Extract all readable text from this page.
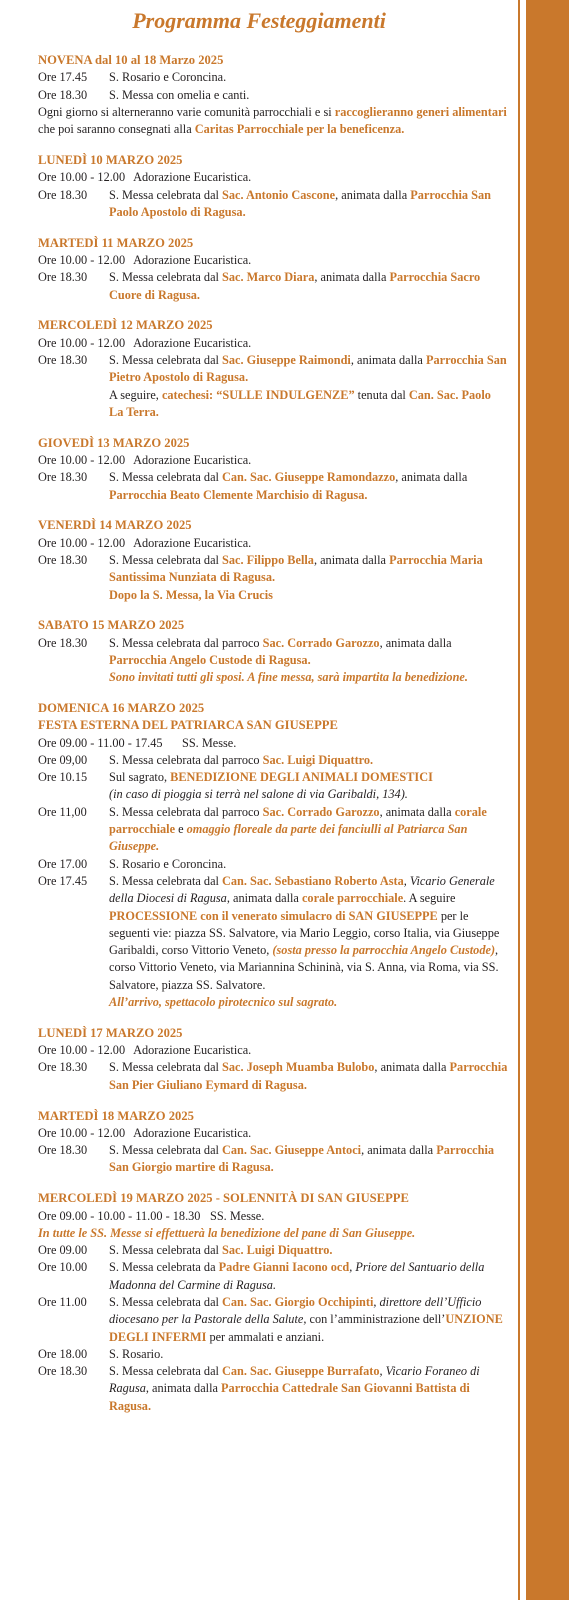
Programma Festeggiamenti
NOVENA dal 10 al 18 Marzo 2025
Ore 17.45	S. Rosario e Coroncina.
Ore 18.30	S. Messa con omelia e canti.
Ogni giorno si alterneranno varie comunità parrocchiali e si raccoglieranno generi alimentari che poi saranno consegnati alla Caritas Parrocchiale per la beneficenza.
LUNEDÌ 10 MARZO 2025
Ore 10.00 - 12.00 Adorazione Eucaristica.
Ore 18.30	S. Messa celebrata dal Sac. Antonio Cascone, animata dalla Parrocchia San Paolo Apostolo di Ragusa.
MARTEDÌ 11 MARZO 2025
Ore 10.00 - 12.00 Adorazione Eucaristica.
Ore 18.30	S. Messa celebrata dal Sac. Marco Diara, animata dalla Parrocchia Sacro Cuore di Ragusa.
MERCOLEDÌ 12 MARZO 2025
Ore 10.00 - 12.00 Adorazione Eucaristica.
Ore 18.30	S. Messa celebrata dal Sac. Giuseppe Raimondi, animata dalla Parrocchia San Pietro Apostolo di Ragusa.
A seguire, catechesi: “SULLE INDULGENZE” tenuta dal Can. Sac. Paolo La Terra.
GIOVEDÌ 13 MARZO 2025
Ore 10.00 - 12.00 Adorazione Eucaristica.
Ore 18.30	S. Messa celebrata dal Can. Sac. Giuseppe Ramondazzo, animata dalla Parrocchia Beato Clemente Marchisio di Ragusa.
VENERDÌ 14 MARZO 2025
Ore 10.00 - 12.00 Adorazione Eucaristica.
Ore 18.30	S. Messa celebrata dal Sac. Filippo Bella, animata dalla Parrocchia Maria Santissima Nunziata di Ragusa.
Dopo la S. Messa, la Via Crucis
SABATO 15 MARZO 2025
Ore 18.30	S. Messa celebrata dal parroco Sac. Corrado Garozzo, animata dalla Parrocchia Angelo Custode di Ragusa.
Sono invitati tutti gli sposi. A fine messa, sarà impartita la benedizione.
DOMENICA 16 MARZO 2025
FESTA ESTERNA DEL PATRIARCA SAN GIUSEPPE
Ore 09.00 - 11.00 - 17.45	SS. Messe.
Ore 09,00	S. Messa celebrata dal parroco Sac. Luigi Diquattro.
Ore 10.15	Sul sagrato, BENEDIZIONE DEGLI ANIMALI DOMESTICI
(in caso di pioggia si terrà nel salone di via Garibaldi, 134).
Ore 11,00	S. Messa celebrata dal parroco Sac. Corrado Garozzo, animata dalla corale parrocchiale e omaggio floreale da parte dei fanciulli al Patriarca San Giuseppe.
Ore 17.00	S. Rosario e Coroncina.
Ore 17.45	S. Messa celebrata dal Can. Sac. Sebastiano Roberto Asta, Vicario Generale della Diocesi di Ragusa, animata dalla corale parrocchiale. A seguire PROCESSIONE con il venerato simulacro di SAN GIUSEPPE per le seguenti vie: piazza SS. Salvatore, via Mario Leggio, corso Italia, via Giuseppe Garibaldi, corso Vittorio Veneto, (sosta presso la parrocchia Angelo Custode), corso Vittorio Veneto, via Mariannina Schininà, via S. Anna, via Roma, via SS. Salvatore, piazza SS. Salvatore.
All’arrivo, spettacolo pirotecnico sul sagrato.
LUNEDÌ 17 MARZO 2025
Ore 10.00 - 12.00 Adorazione Eucaristica.
Ore 18.30	S. Messa celebrata dal Sac. Joseph Muamba Bulobo, animata dalla Parrocchia San Pier Giuliano Eymard di Ragusa.
MARTEDÌ 18 MARZO 2025
Ore 10.00 - 12.00 Adorazione Eucaristica.
Ore 18.30	S. Messa celebrata dal Can. Sac. Giuseppe Antoci, animata dalla Parrocchia San Giorgio martire di Ragusa.
MERCOLEDÌ 19 MARZO 2025 - SOLENNITÀ DI SAN GIUSEPPE
Ore 09.00 - 10.00 - 11.00 - 18.30 SS. Messe.
In tutte le SS. Messe si effettuerà la benedizione del pane di San Giuseppe.
Ore 09.00	S. Messa celebrata dal Sac. Luigi Diquattro.
Ore 10.00	S. Messa celebrata da Padre Gianni Iacono ocd, Priore del Santuario della Madonna del Carmine di Ragusa.
Ore 11.00	S. Messa celebrata dal Can. Sac. Giorgio Occhipinti, direttore dell’Ufficio diocesano per la Pastorale della Salute, con l’amministrazione dell’UNZIONE DEGLI INFERMI per ammalati e anziani.
Ore 18.00	S. Rosario.
Ore 18.30	S. Messa celebrata dal Can. Sac. Giuseppe Burrafato, Vicario Foraneo di Ragusa, animata dalla Parrocchia Cattedrale San Giovanni Battista di Ragusa.
